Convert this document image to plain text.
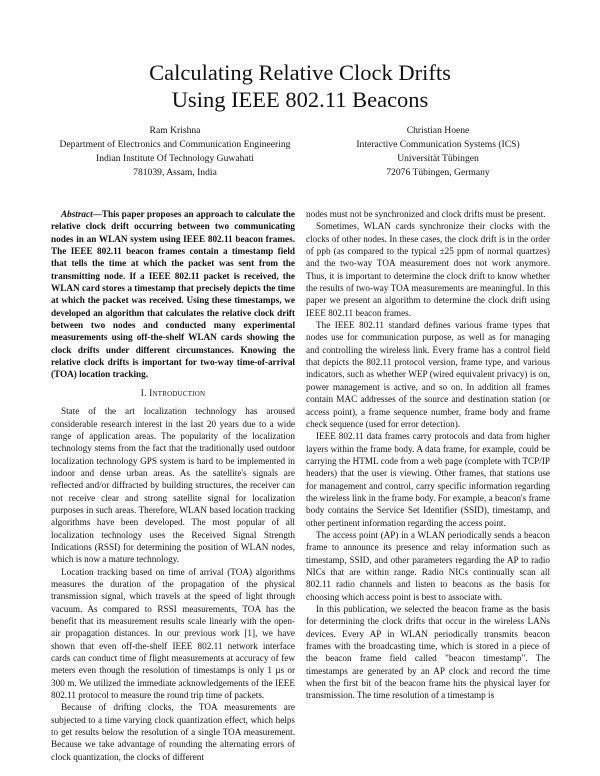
Calculating Relative Clock Drifts
Using IEEE 802.11 Beacons
Ram Krishna
Department of Electronics and Communication Engineering
Indian Institute Of Technology Guwahati
781039, Assam, India
Christian Hoene
Interactive Communication Systems (ICS)
Universität Tübingen
72076 Tübingen, Germany

Abstract—This paper proposes an approach to calculate the relative clock drift occurring between two communicating nodes in an WLAN system using IEEE 802.11 beacon frames. The IEEE 802.11 beacon frames contain a timestamp field that tells the time at which the packet was sent from the transmitting node. If a IEEE 802.11 packet is received, the WLAN card stores a timestamp that precisely depicts the time at which the packet was received. Using these timestamps, we developed an algorithm that calculates the relative clock drift between two nodes and conducted many experimental measurements using off-the-shelf WLAN cards showing the clock drifts under different circumstances. Knowing the relative clock drifts is important for two-way time-of-arrival (TOA) location tracking.

I. Introduction

State of the art localization technology has aroused considerable research interest in the last 20 years due to a wide range of application areas. The popularity of the localization technology stems from the fact that the traditionally used outdoor localization technology GPS system is hard to be implemented in indoor and dense urban areas. As the satellite's signals are reflected and/or diffracted by building structures, the receiver can not receive clear and strong satellite signal for localization purposes in such areas. Therefore, WLAN based location tracking algorithms have been developed. The most popular of all localization technology uses the Received Signal Strength Indications (RSSI) for determining the position of WLAN nodes, which is now a mature technology.

Location tracking based on time of arrival (TOA) algorithms measures the duration of the propagation of the physical transmission signal, which travels at the speed of light through vacuum. As compared to RSSI measurements, TOA has the benefit that its measurement results scale linearly with the open-air propagation distances. In our previous work [1], we have shown that even off-the-shelf IEEE 802.11 network interface cards can conduct time of flight measurements at accuracy of few meters even though the resolution of timestamps is only 1 µs or 300 m. We utilized the immediate acknowledgements of the IEEE 802.11 protocol to measure the round trip time of packets.

Because of drifting clocks, the TOA measurements are subjected to a time varying clock quantization effect, which helps to get results below the resolution of a single TOA measurement. Because we take advantage of rounding the alternating errors of clock quantization, the clocks of different

nodes must not be synchronized and clock drifts must be present.

Sometimes, WLAN cards synchronize their clocks with the clocks of other nodes. In these cases, the clock drift is in the order of ppb (as compared to the typical ±25 ppm of normal quartzes) and the two-way TOA measurement does not work anymore. Thus, it is important to determine the clock drift to know whether the results of two-way TOA measurements are meaningful. In this paper we present an algorithm to determine the clock drift using IEEE 802.11 beacon frames.

The IEEE 802.11 standard defines various frame types that nodes use for communication purpose, as well as for managing and controlling the wireless link. Every frame has a control field that depicts the 802.11 protocol version, frame type, and various indicators, such as whether WEP (wired equivalent privacy) is on, power management is active, and so on. In addition all frames contain MAC addresses of the source and destination station (or access point), a frame sequence number, frame body and frame check sequence (used for error detection).

IEEE 802.11 data frames carry protocols and data from higher layers within the frame body. A data frame, for example, could be carrying the HTML code from a web page (complete with TCP/IP headers) that the user is viewing. Other frames, that stations use for management and control, carry specific information regarding the wireless link in the frame body. For example, a beacon's frame body contains the Service Set Identifier (SSID), timestamp, and other pertinent information regarding the access point.

The access point (AP) in a WLAN periodically sends a beacon frame to announce its presence and relay information such as timestamp, SSID, and other parameters regarding the AP to radio NICs that are within range. Radio NICs continually scan all 802.11 radio channels and listen to beacons as the basis for choosing which access point is best to associate with.

In this publication, we selected the beacon frame as the basis for determining the clock drifts that occur in the wireless LANs devices. Every AP in WLAN periodically transmits beacon frames with the broadcasting time, which is stored in a piece of the beacon frame field called "beacon timestamp". The timestamps are generated by an AP clock and record the time when the first bit of the beacon frame hits the physical layer for transmission. The time resolution of a timestamp is
